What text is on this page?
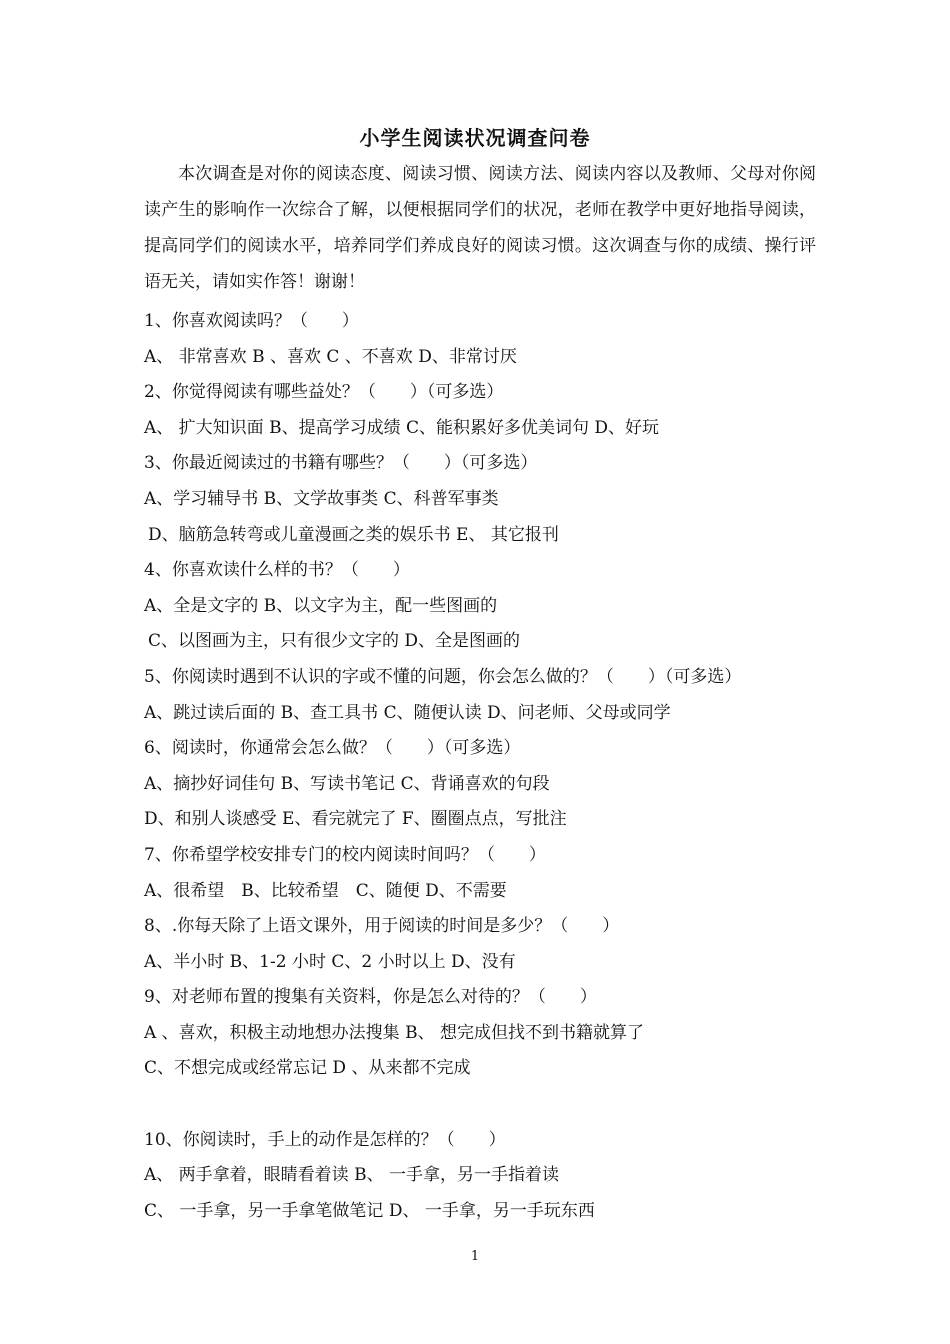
小学生阅读状况调查问卷
本次调查是对你的阅读态度、阅读习惯、阅读方法、阅读内容以及教师、父母对你阅读产生的影响作一次综合了解，以便根据同学们的状况，老师在教学中更好地指导阅读，提高同学们的阅读水平，培养同学们养成良好的阅读习惯。这次调查与你的成绩、操行评语无关，请如实作答！谢谢！
1、你喜欢阅读吗？（　　）
A、 非常喜欢 B 、喜欢 C 、不喜欢 D、非常讨厌
2、你觉得阅读有哪些益处？（　　）（可多选）
A、 扩大知识面 B、提高学习成绩 C、能积累好多优美词句 D、好玩
3、你最近阅读过的书籍有哪些？（　　）（可多选）
A、学习辅导书 B、文学故事类 C、科普军事类
D、脑筋急转弯或儿童漫画之类的娱乐书 E、 其它报刊
4、你喜欢读什么样的书？（　　）
A、全是文字的 B、以文字为主，配一些图画的
C、以图画为主，只有很少文字的 D、全是图画的
5、你阅读时遇到不认识的字或不懂的问题，你会怎么做的？（　　）（可多选）
A、跳过读后面的 B、查工具书 C、随便认读 D、问老师、父母或同学
6、阅读时，你通常会怎么做？（　　）（可多选）
A、摘抄好词佳句 B、写读书笔记 C、背诵喜欢的句段
D、和别人谈感受 E、看完就完了 F、圈圈点点，写批注
7、你希望学校安排专门的校内阅读时间吗？（　　）
A、很希望　B、比较希望　C、随便 D、不需要
8、.你每天除了上语文课外，用于阅读的时间是多少？（　　）
A、半小时 B、1-2 小时 C、2 小时以上 D、没有
9、对老师布置的搜集有关资料，你是怎么对待的？（　　）
A 、喜欢，积极主动地想办法搜集 B、 想完成但找不到书籍就算了
C、不想完成或经常忘记 D 、从来都不完成
10、你阅读时，手上的动作是怎样的？（　　）
A、 两手拿着，眼睛看着读 B、 一手拿，另一手指着读
C、 一手拿，另一手拿笔做笔记 D、 一手拿，另一手玩东西
1
